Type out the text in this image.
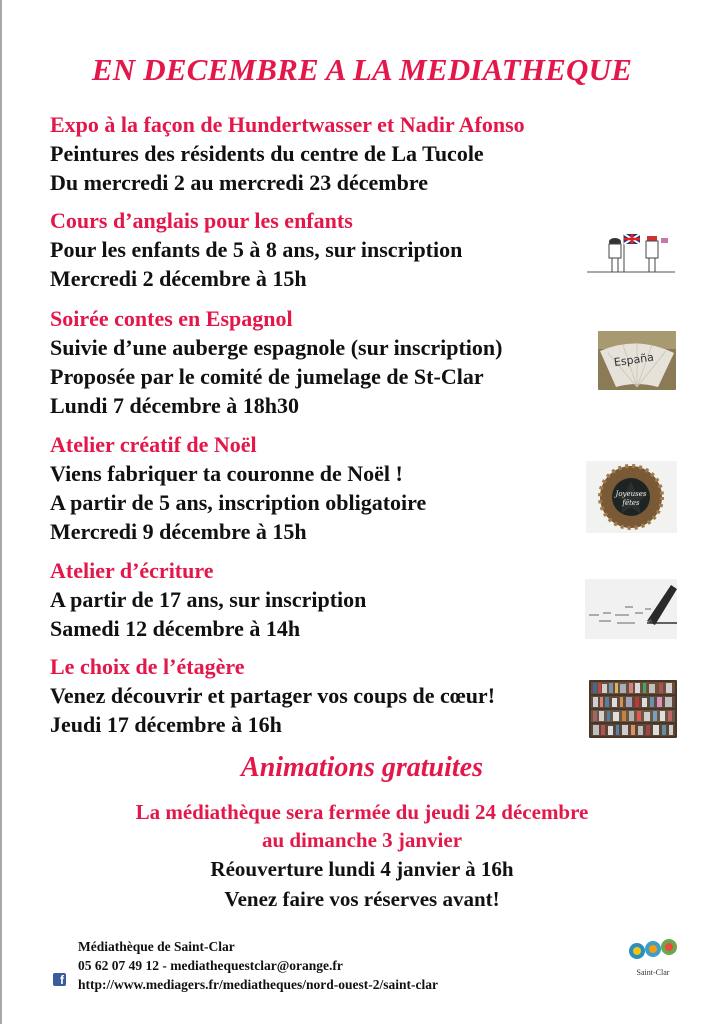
EN DECEMBRE A LA MEDIATHEQUE
Expo à la façon de Hundertwasser et Nadir Afonso
Peintures des résidents du centre de La Tucole
Du mercredi 2 au mercredi 23 décembre
Cours d’anglais pour les enfants
Pour les enfants de 5 à 8 ans, sur inscription
Mercredi 2 décembre à 15h
Soirée contes en Espagnol
Suivie d’une auberge espagnole (sur inscription)
Proposée par le comité de jumelage de St-Clar
Lundi 7 décembre à 18h30
España
Atelier créatif de Noël
Viens fabriquer ta couronne de Noël !
A partir de 5 ans, inscription obligatoire
Mercredi 9 décembre à 15h
Joyeuses
fêtes
Atelier d’écriture
A partir de 17 ans, sur inscription
Samedi 12 décembre à 14h
Le choix de l’étagère
Venez découvrir et partager vos coups de cœur!
Jeudi 17 décembre à 16h
Animations gratuites
La médiathèque sera fermée du jeudi 24 décembre
au dimanche 3 janvier
Réouverture lundi 4 janvier à 16h
Venez faire vos réserves avant!
Médiathèque de Saint-Clar
05 62 07 49 12 - mediathequestclar@orange.fr
http://www.mediagers.fr/mediatheques/nord-ouest-2/saint-clar
f
Saint-Clar
